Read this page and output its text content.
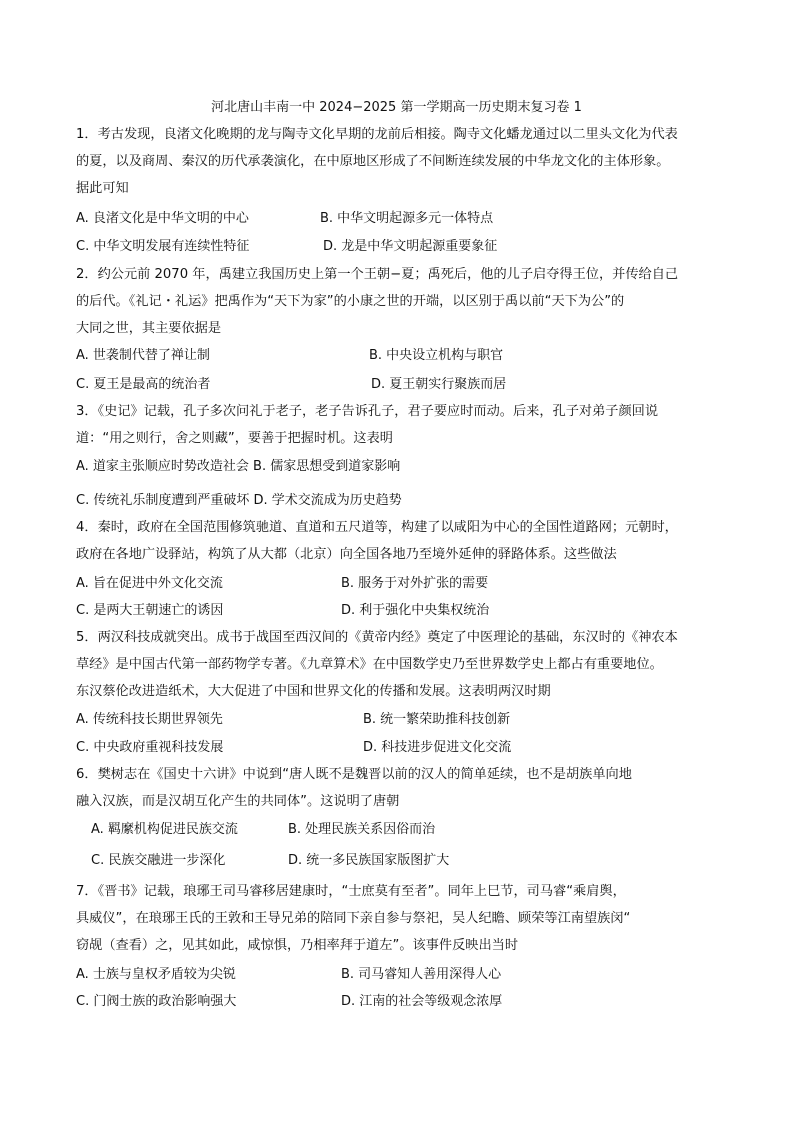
河北唐山丰南一中 2024−2025 第一学期高一历史期末复习卷 1
1．考古发现，良渚文化晚期的龙与陶寺文化早期的龙前后相接。陶寺文化蟠龙通过以二里头文化为代表
的夏，以及商周、秦汉的历代承袭演化，在中原地区形成了不间断连续发展的中华龙文化的主体形象。
据此可知
A. 良渚文化是中华文明的中心	B. 中华文明起源多元一体特点
C. 中华文明发展有连续性特征	D. 龙是中华文明起源重要象征
2．约公元前 2070 年，禹建立我国历史上第一个王朝−夏；禹死后，他的儿子启夺得王位，并传给自己
的后代。《礼记・礼运》把禹作为“天下为家”的小康之世的开端，以区别于禹以前“天下为公”的
大同之世，其主要依据是
A. 世袭制代替了禅让制	B. 中央设立机构与职官
C. 夏王是最高的统治者	D. 夏王朝实行聚族而居
3．《史记》记载，孔子多次问礼于老子，老子告诉孔子，君子要应时而动。后来，孔子对弟子颜回说
道：“用之则行，舍之则藏”，要善于把握时机。这表明
A. 道家主张顺应时势改造社会 B. 儒家思想受到道家影响
C. 传统礼乐制度遭到严重破坏 D. 学术交流成为历史趋势
4．秦时，政府在全国范围修筑驰道、直道和五尺道等，构建了以咸阳为中心的全国性道路网；元朝时，
政府在各地广设驿站，构筑了从大都（北京）向全国各地乃至境外延伸的驿路体系。这些做法
A. 旨在促进中外文化交流	B. 服务于对外扩张的需要
C. 是两大王朝速亡的诱因	D. 利于强化中央集权统治
5．两汉科技成就突出。成书于战国至西汉间的《黄帝内经》奠定了中医理论的基础，东汉时的《神农本
草经》是中国古代第一部药物学专著。《九章算术》在中国数学史乃至世界数学史上都占有重要地位。
东汉蔡伦改进造纸术，大大促进了中国和世界文化的传播和发展。这表明两汉时期
A. 传统科技长期世界领先	B. 统一繁荣助推科技创新
C. 中央政府重视科技发展	D. 科技进步促进文化交流
6．樊树志在《国史十六讲》中说到“唐人既不是魏晋以前的汉人的简单延续，也不是胡族单向地
融入汉族，而是汉胡互化产生的共同体”。这说明了唐朝
A. 羁縻机构促进民族交流	B. 处理民族关系因俗而治
C. 民族交融进一步深化	D. 统一多民族国家版图扩大
7．《晋书》记载，琅琊王司马睿移居建康时，“士庶莫有至者”。同年上巳节，司马睿“乘肩舆，
具威仪”，在琅琊王氏的王敦和王导兄弟的陪同下亲自参与祭祀，吴人纪瞻、顾荣等江南望族闵“
窃觇（查看）之，见其如此，咸惊惧，乃相率拜于道左”。该事件反映出当时
A. 士族与皇权矛盾较为尖锐	B. 司马睿知人善用深得人心
C. 门阀士族的政治影响强大	D. 江南的社会等级观念浓厚
